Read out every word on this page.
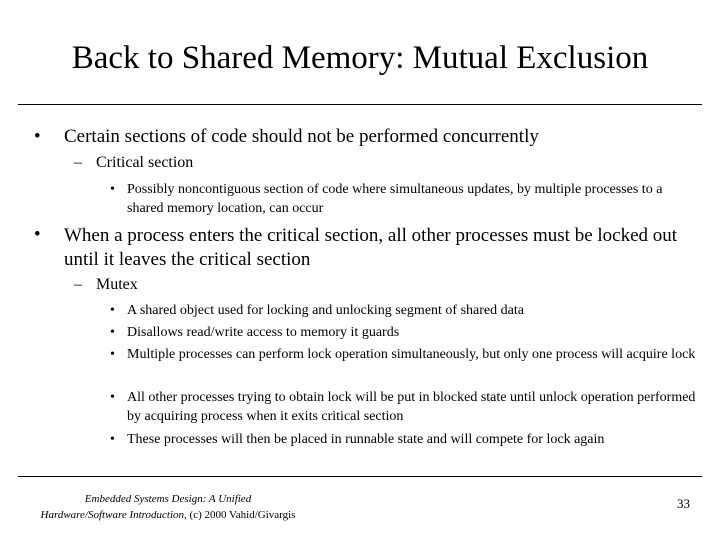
Back to Shared Memory: Mutual Exclusion
•	Certain sections of code should not be performed concurrently
– Critical section
• Possibly noncontiguous section of code where simultaneous updates, by multiple processes to a shared memory location, can occur
•	When a process enters the critical section, all other processes must be locked out until it leaves the critical section
– Mutex
• A shared object used for locking and unlocking segment of shared data
• Disallows read/write access to memory it guards
• Multiple processes can perform lock operation simultaneously, but only one process will acquire lock
• All other processes trying to obtain lock will be put in blocked state until unlock operation performed by acquiring process when it exits critical section
• These processes will then be placed in runnable state and will compete for lock again
Embedded Systems Design: A Unified
Hardware/Software Introduction, (c) 2000 Vahid/Givargis
33
